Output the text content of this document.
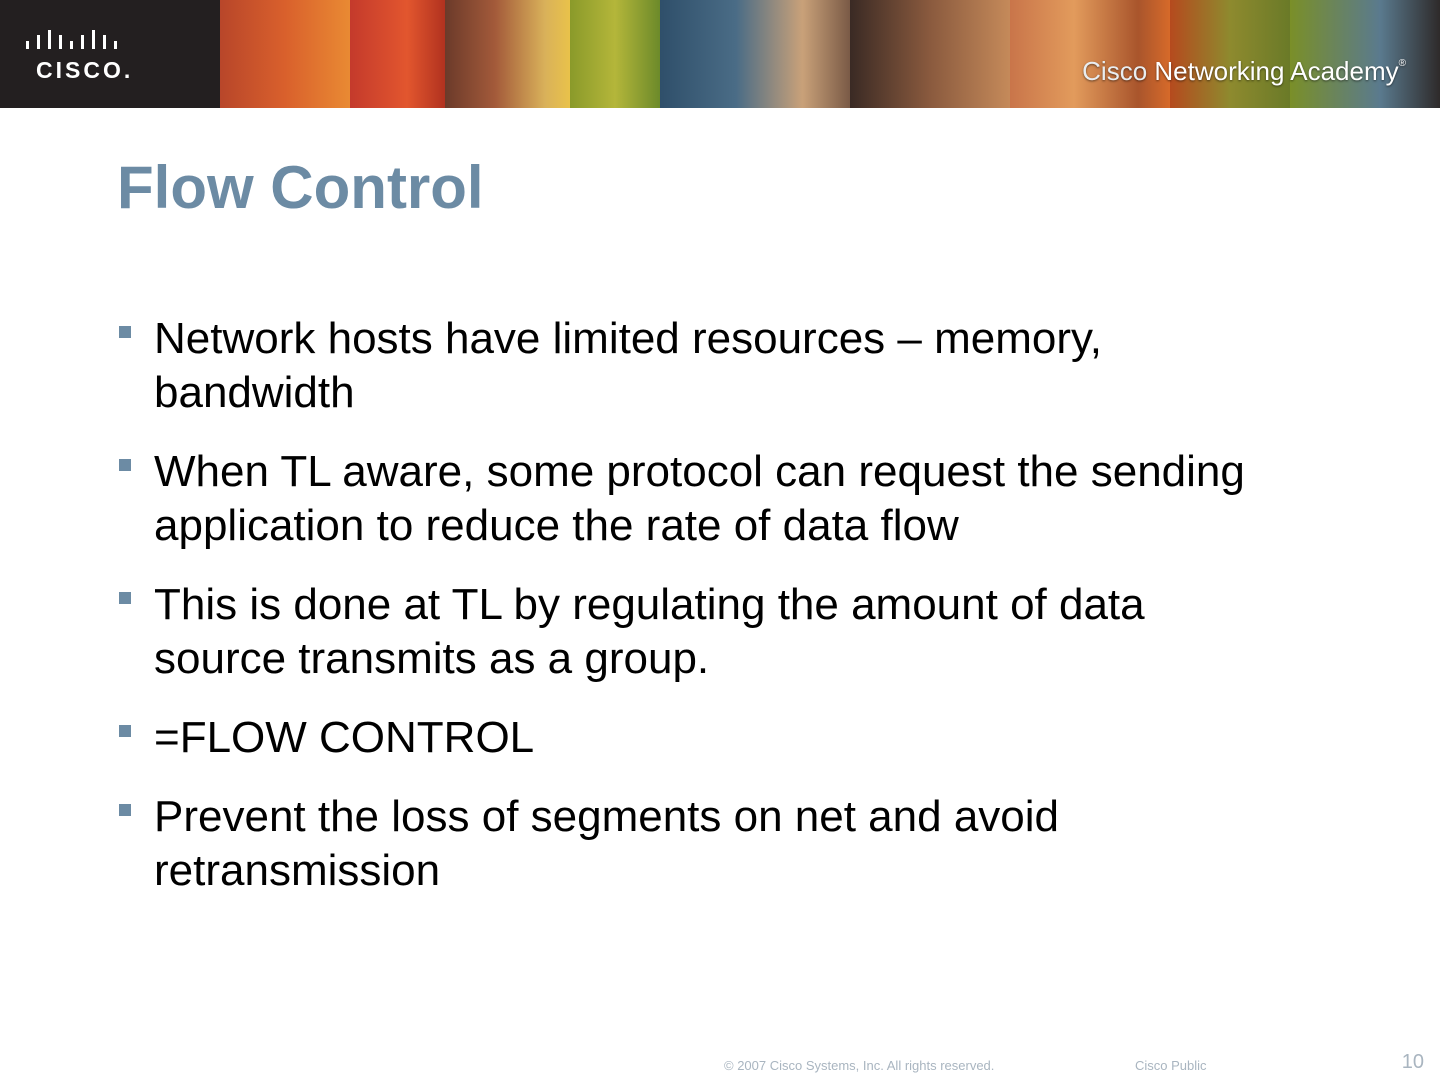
CISCO.	Cisco Networking Academy®
Flow Control
Network hosts have limited resources – memory, bandwidth
When TL aware, some protocol can request the sending application to reduce the rate of data flow
This is done at TL by regulating the amount of data source transmits as a group.
=FLOW CONTROL
Prevent the loss of segments on net and avoid retransmission
© 2007 Cisco Systems, Inc. All rights reserved.	Cisco Public	10
